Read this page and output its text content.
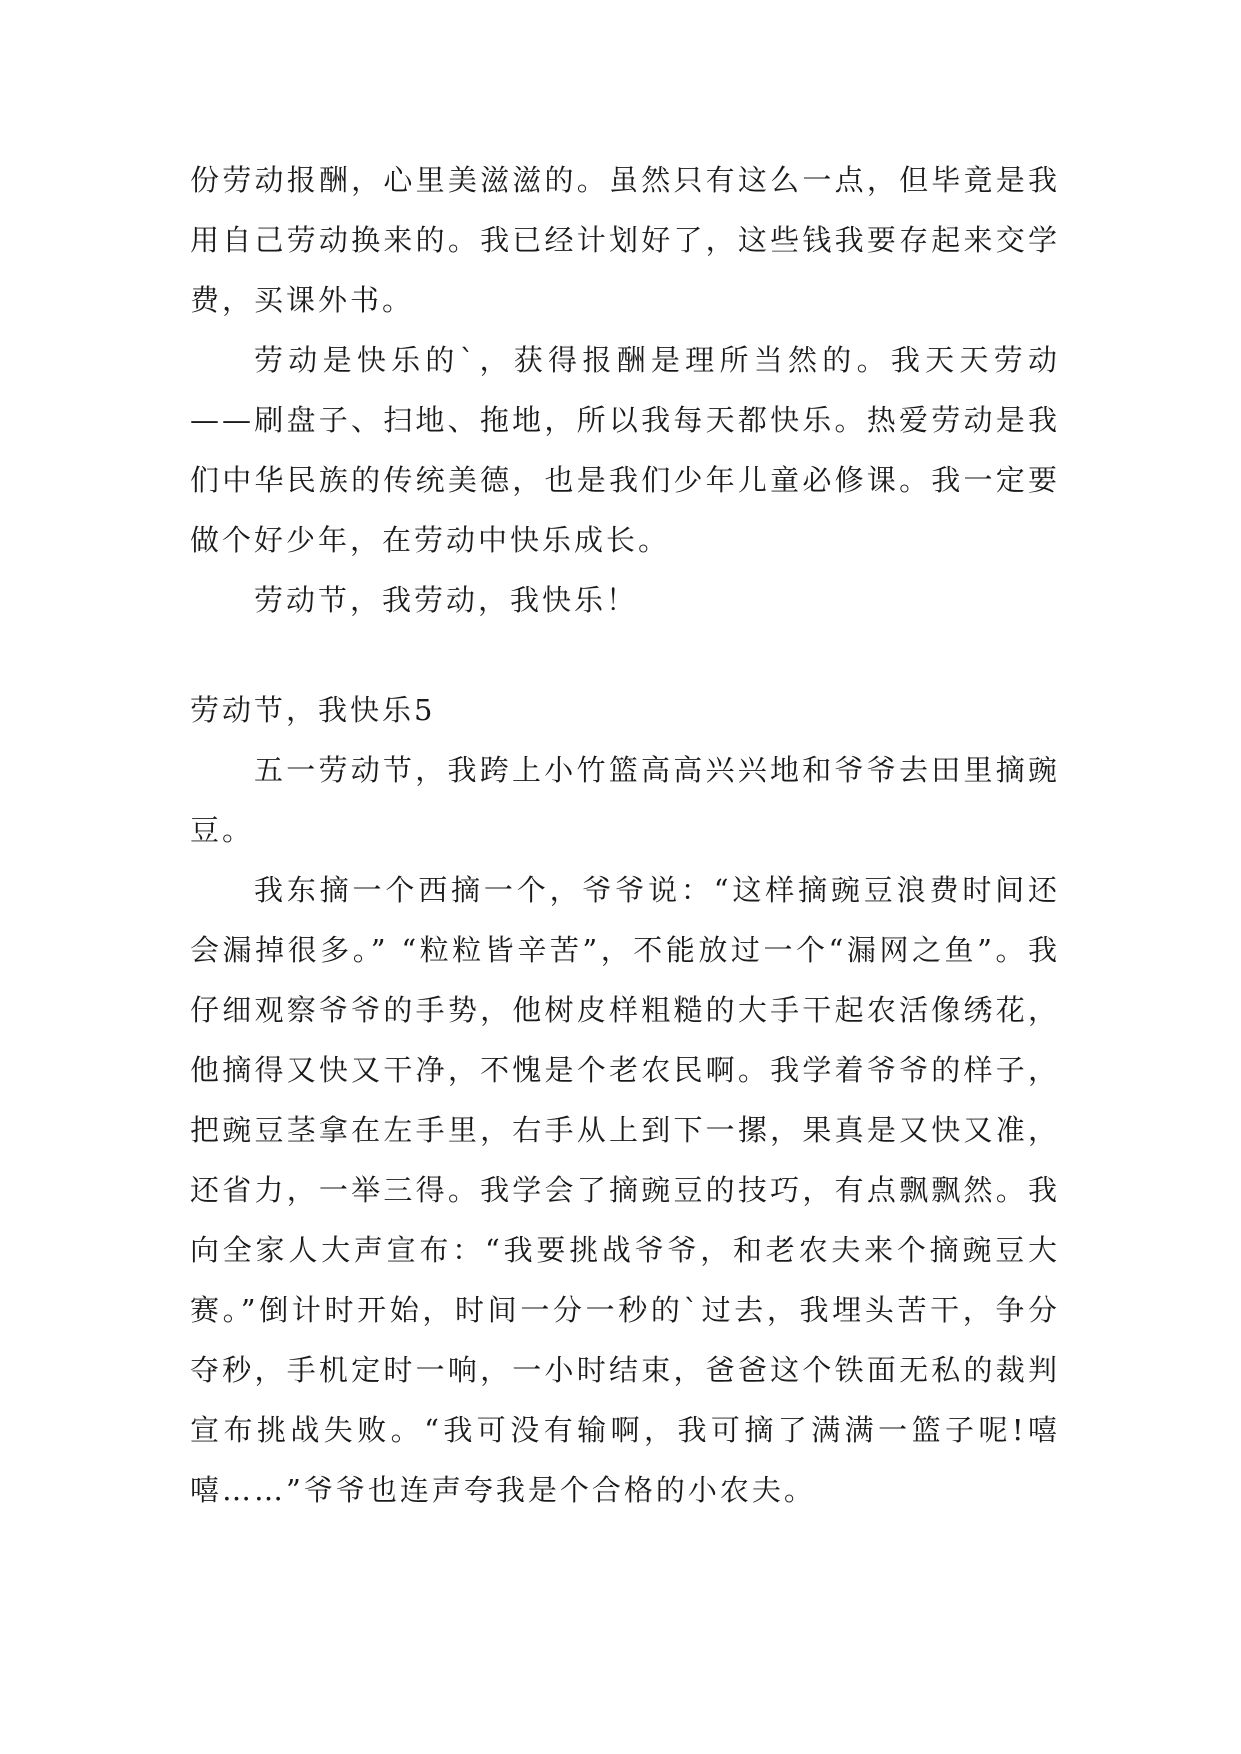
份劳动报酬，心里美滋滋的。虽然只有这么一点，但毕竟是我用自己劳动换来的。我已经计划好了，这些钱我要存起来交学费，买课外书。

劳动是快乐的`，获得报酬是理所当然的。我天天劳动——刷盘子、扫地、拖地，所以我每天都快乐。热爱劳动是我们中华民族的传统美德，也是我们少年儿童必修课。我一定要做个好少年，在劳动中快乐成长。

劳动节，我劳动，我快乐！

劳动节，我快乐5

五一劳动节，我跨上小竹篮高高兴兴地和爷爷去田里摘豌豆。

我东摘一个西摘一个，爷爷说：“这样摘豌豆浪费时间还会漏掉很多。” “粒粒皆辛苦”，不能放过一个“漏网之鱼”。我仔细观察爷爷的手势，他树皮样粗糙的大手干起农活像绣花，他摘得又快又干净，不愧是个老农民啊。我学着爷爷的样子，把豌豆茎拿在左手里，右手从上到下一摞，果真是又快又准，还省力，一举三得。我学会了摘豌豆的技巧，有点飘飘然。我向全家人大声宣布：“我要挑战爷爷，和老农夫来个摘豌豆大赛。”倒计时开始，时间一分一秒的`过去，我埋头苦干，争分夺秒，手机定时一响，一小时结束，爸爸这个铁面无私的裁判宣布挑战失败。“我可没有输啊，我可摘了满满一篮子呢!嘻嘻……”爷爷也连声夸我是个合格的小农夫。
